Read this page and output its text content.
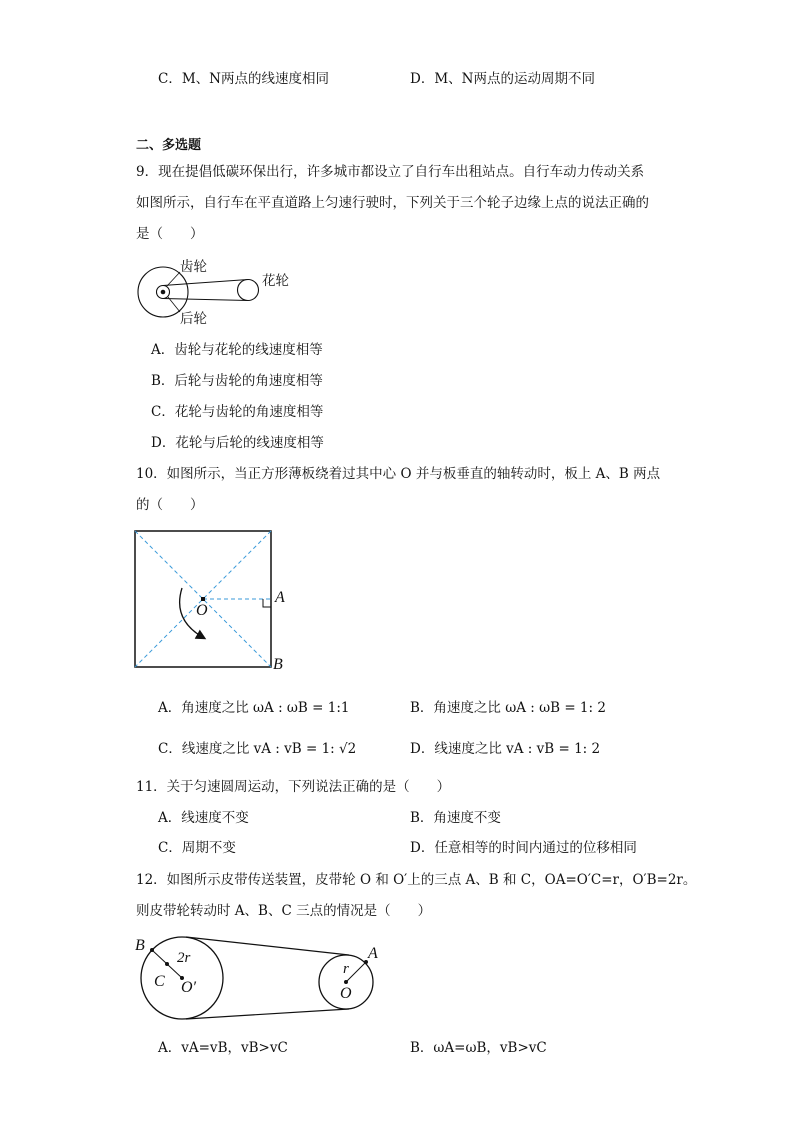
C．M、N两点的线速度相同	D．M、N两点的运动周期不同
二、多选题
9．现在提倡低碳环保出行，许多城市都设立了自行车出租站点。自行车动力传动关系
如图所示，自行车在平直道路上匀速行驶时，下列关于三个轮子边缘上点的说法正确的
是（　　）
齿轮
花轮
后轮
A．齿轮与花轮的线速度相等
B．后轮与齿轮的角速度相等
C．花轮与齿轮的角速度相等
D．花轮与后轮的线速度相等
10．如图所示，当正方形薄板绕着过其中心 O 并与板垂直的轴转动时，板上 A、B 两点
的（　　）
O
A
B
A．角速度之比 ωA : ωB = 1:1	B．角速度之比 ωA : ωB = 1: 2
C．线速度之比 vA : vB = 1: √2	D．线速度之比 vA : vB = 1: 2
11．关于匀速圆周运动，下列说法正确的是（　　）
A．线速度不变	B．角速度不变
C．周期不变	D．任意相等的时间内通过的位移相同
12．如图所示皮带传送装置，皮带轮 O 和 O′上的三点 A、B 和 C，OA=O′C=r，O′B=2r。
则皮带轮转动时 A、B、C 三点的情况是（　　）
B
2r
C O′
r
A
O
A．vA=vB，vB>vC	B．ωA=ωB，vB>vC
